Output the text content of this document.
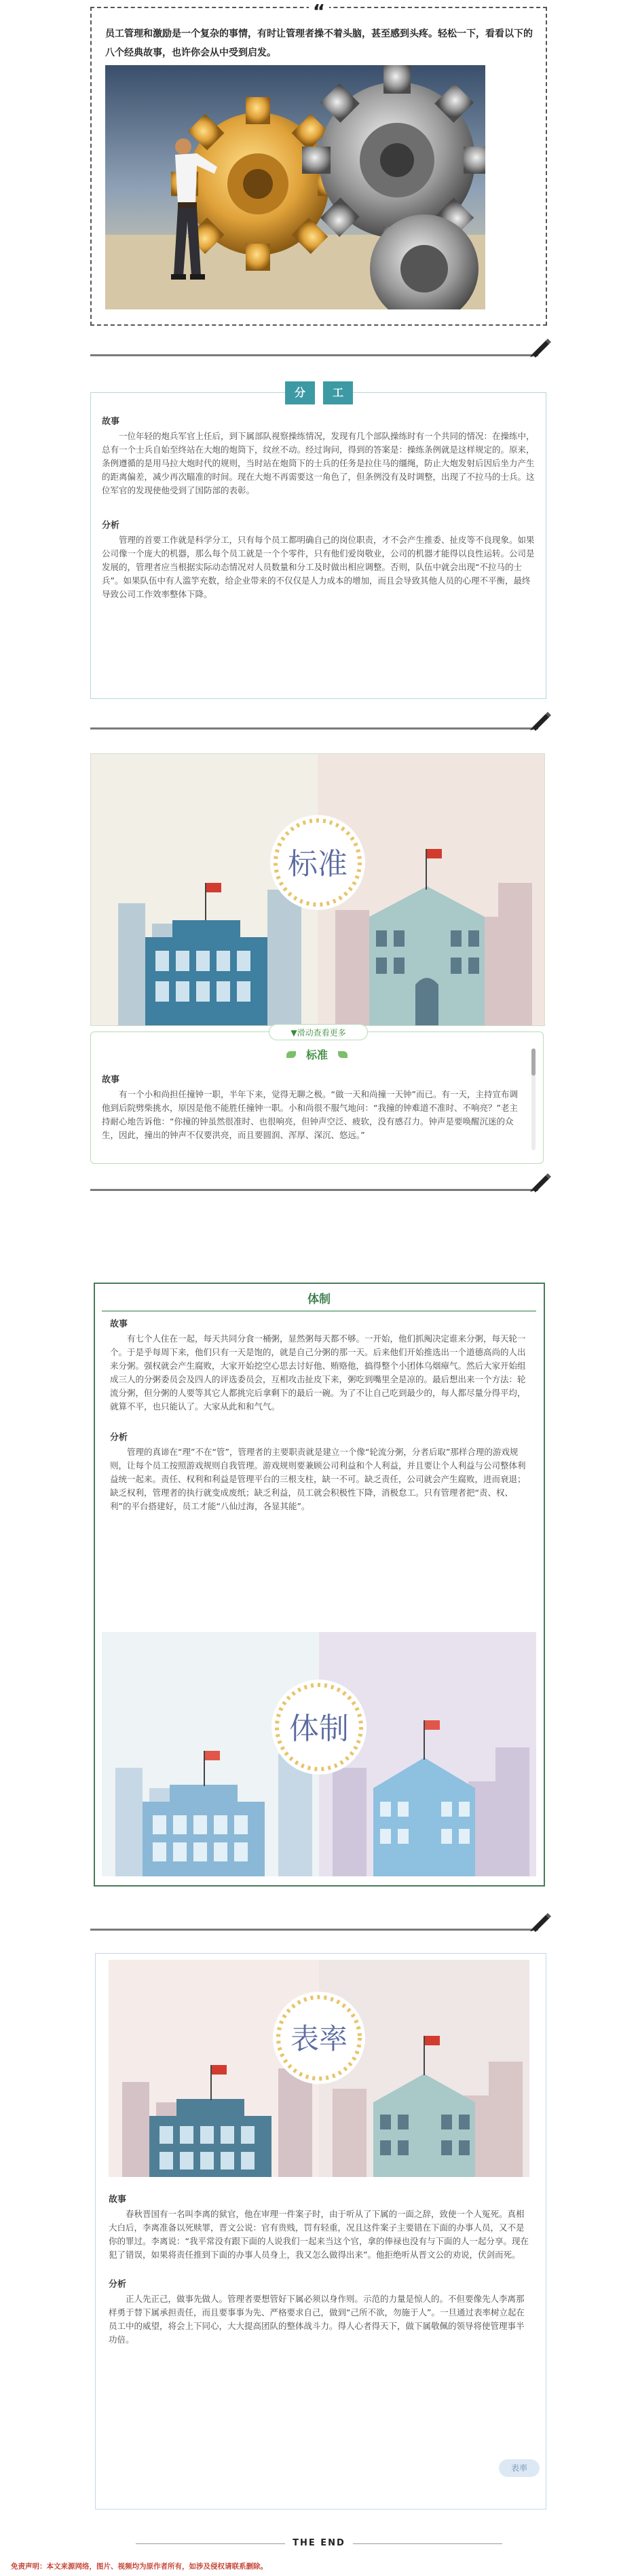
“
员工管理和激励是一个复杂的事情，有时让管理者操不着头脑，甚至感到头疼。轻松一下，看看以下的八个经典故事，也许你会从中受到启发。
分	工

故事

一位年轻的炮兵军官上任后，到下属部队视察操练情况，发现有几个部队操练时有一个共同的情况：在操练中，总有一个士兵自始至终站在大炮的炮筒下，纹丝不动。经过询问，得到的答案是：操练条例就是这样规定的。原来，条例遵循的是用马拉大炮时代的规则，当时站在炮筒下的士兵的任务是拉住马的缰绳，防止大炮发射后因后坐力产生的距离偏差，减少再次瞄准的时间。现在大炮不再需要这一角色了，但条例没有及时调整，出现了不拉马的士兵。这位军官的发现使他受到了国防部的表彰。

分析

管理的首要工作就是科学分工，只有每个员工都明确自己的岗位职责，才不会产生推委、扯皮等不良现象。如果公司像一个庞大的机器，那么每个员工就是一个个零件，只有他们爱岗敬业，公司的机器才能得以良性运转。公司是发展的，管理者应当根据实际动态情况对人员数量和分工及时做出相应调整。否则，队伍中就会出现“不拉马的士兵”。如果队伍中有人滥竽充数，给企业带来的不仅仅是人力成本的增加，而且会导致其他人员的心理不平衡，最终导致公司工作效率整体下降。

标准
▼滑动查看更多
标准

故事

有一个小和尚担任撞钟一职，半年下来，觉得无聊之极。“做一天和尚撞一天钟”而已。有一天，主持宣布调他到后院劈柴挑水，原因是他不能胜任撞钟一职。小和尚很不服气地问：“我撞的钟难道不准时、不响亮？”老主持耐心地告诉他：“你撞的钟虽然很准时、也很响亮，但钟声空泛、疲软，没有感召力。钟声是要唤醒沉迷的众生，因此，撞出的钟声不仅要洪亮，而且要圆润、浑厚、深沉、悠远。”

体制

故事

有七个人住在一起，每天共同分食一桶粥，显然粥每天都不够。一开始，他们抓阄决定谁来分粥，每天轮一个。于是乎每周下来，他们只有一天是饱的，就是自己分粥的那一天。后来他们开始推选出一个道德高尚的人出来分粥。强权就会产生腐败，大家开始挖空心思去讨好他、贿赂他，搞得整个小团体乌烟瘴气。然后大家开始组成三人的分粥委员会及四人的评选委员会，互相攻击扯皮下来，粥吃到嘴里全是凉的。最后想出来一个方法：轮流分粥，但分粥的人要等其它人都挑完后拿剩下的最后一碗。为了不让自己吃到最少的，每人都尽量分得平均，就算不平，也只能认了。大家从此和和气气。

分析

管理的真谛在“理”不在“管”，管理者的主要职责就是建立一个像“轮流分粥，分者后取”那样合理的游戏规则，让每个员工按照游戏规则自我管理。游戏规则要兼顾公司利益和个人利益，并且要让个人利益与公司整体利益统一起来。责任、权利和利益是管理平台的三根支柱，缺一不可。缺乏责任，公司就会产生腐败，进而衰退；缺乏权利，管理者的执行就变成废纸；缺乏利益，员工就会积极性下降，消极怠工。只有管理者把“责、权、利”的平台搭建好，员工才能“八仙过海，各显其能”。

体制
表率

故事

春秋晋国有一名叫李离的狱官，他在审理一件案子时，由于听从了下属的一面之辞，致使一个人冤死。真相大白后，李离准备以死赎罪，晋文公说：官有贵贱，罚有轻重，况且这件案子主要错在下面的办事人员，又不是你的罪过。李离说：“我平常没有跟下面的人说我们一起来当这个官，拿的俸禄也没有与下面的人一起分享。现在犯了错误，如果将责任推到下面的办事人员身上，我又怎么做得出来”。他拒绝听从晋文公的劝说，伏剑而死。

分析

正人先正己，做事先做人。管理者要想管好下属必须以身作则。示范的力量是惊人的。不但要像先人李离那样勇于替下属承担责任，而且要事事为先、严格要求自己，做到“己所不欲，勿施于人”。一旦通过表率树立起在员工中的威望，将会上下同心，大大提高团队的整体战斗力。得人心者得天下，做下属敬佩的领导将使管理事半功倍。

表率
THE END
免责声明：本文来源网络，图片、视频均为原作者所有，如涉及侵权请联系删除。
